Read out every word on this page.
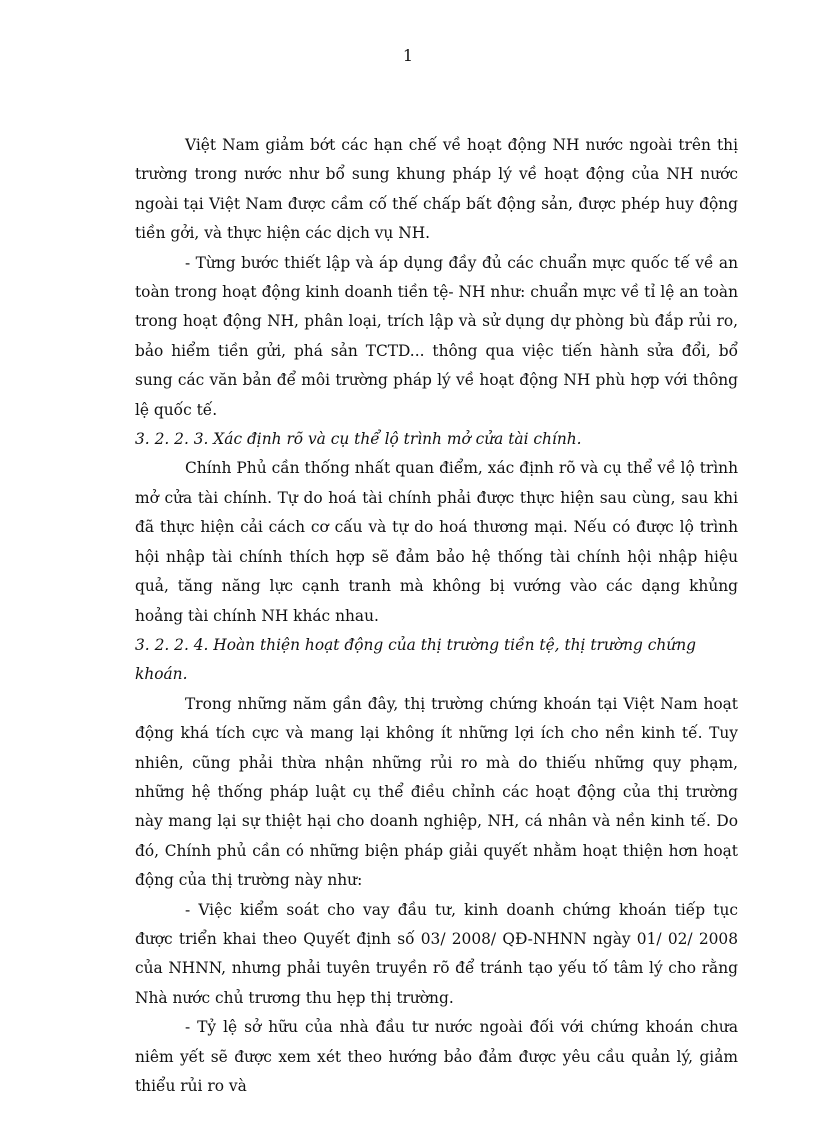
1

Việt Nam giảm bớt các hạn chế về hoạt động NH nước ngoài trên thị trường trong nước như bổ sung khung pháp lý về hoạt động của NH nước ngoài tại Việt Nam được cầm cố thế chấp bất động sản, được phép huy động tiền gởi, và thực hiện các dịch vụ NH.

- Từng bước thiết lập và áp dụng đầy đủ các chuẩn mực quốc tế về an toàn trong hoạt động kinh doanh tiền tệ- NH như: chuẩn mực về tỉ lệ an toàn trong hoạt động NH, phân loại, trích lập và sử dụng dự phòng bù đắp rủi ro, bảo hiểm tiền gửi, phá sản TCTD... thông qua việc tiến hành sửa đổi, bổ sung các văn bản để môi trường pháp lý về hoạt động NH phù hợp với thông lệ quốc tế.

3. 2. 2. 3. Xác định rõ và cụ thể lộ trình mở cửa tài chính.

Chính Phủ cần thống nhất quan điểm, xác định rõ và cụ thể về lộ trình mở cửa tài chính. Tự do hoá tài chính phải được thực hiện sau cùng, sau khi đã thực hiện cải cách cơ cấu và tự do hoá thương mại. Nếu có được lộ trình hội nhập tài chính thích hợp sẽ đảm bảo hệ thống tài chính hội nhập hiệu quả, tăng năng lực cạnh tranh mà không bị vướng vào các dạng khủng hoảng tài chính NH khác nhau.

3. 2. 2. 4. Hoàn thiện hoạt động của thị trường tiền tệ, thị trường chứng khoán.

Trong những năm gần đây, thị trường chứng khoán tại Việt Nam hoạt động khá tích cực và mang lại không ít những lợi ích cho nền kinh tế. Tuy nhiên, cũng phải thừa nhận những rủi ro mà do thiếu những quy phạm, những hệ thống pháp luật cụ thể điều chỉnh các hoạt động của thị trường này mang lại sự thiệt hại cho doanh nghiệp, NH, cá nhân và nền kinh tế. Do đó, Chính phủ cần có những biện pháp giải quyết nhằm hoạt thiện hơn hoạt động của thị trường này như:

- Việc kiểm soát cho vay đầu tư, kinh doanh chứng khoán tiếp tục được triển khai theo Quyết định số 03/ 2008/ QĐ-NHNN ngày 01/ 02/ 2008 của NHNN, nhưng phải tuyên truyền rõ để tránh tạo yếu tố tâm lý cho rằng Nhà nước chủ trương thu hẹp thị trường.

- Tỷ lệ sở hữu của nhà đầu tư nước ngoài đối với chứng khoán chưa niêm yết sẽ được xem xét theo hướng bảo đảm được yêu cầu quản lý, giảm thiểu rủi ro và
